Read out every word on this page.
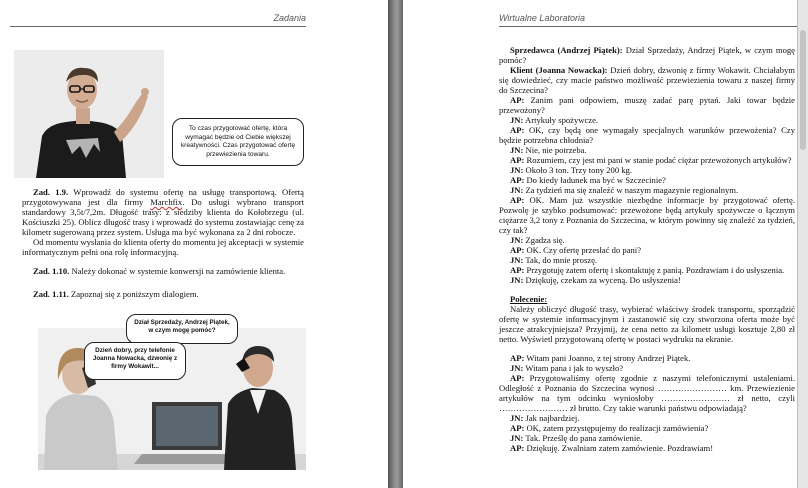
Zadania
To czas przygotować ofertę, która wymagać będzie od Ciebie większej kreatywności. Czas przygotować ofertę przewiezienia towaru.

Zad. 1.9. Wprowadź do systemu ofertę na usługę transportową. Ofertą przygotowywana jest dla firmy Marchfix. Do usługi wybrano transport standardowy 3,5t/7,2m. Długość trasy: z siedziby klienta do Kołobrzegu (ul. Kościuszki 25). Oblicz długość trasy i wprowadź do systemu zostawiając cenę za kilometr sugerowaną przez system. Usługa ma być wykonana za 2 dni robocze.

Od momentu wysłania do klienta oferty do momentu jej akceptacji w systemie informatycznym pełni ona rolę informacyjną.

Zad. 1.10. Należy dokonać w systemie konwersji na zamówienie klienta.

Zad. 1.11. Zapoznaj się z poniższym dialogiem.

Dział Sprzedaży, Andrzej Piątek, w czym mogę pomóc?
Dzień dobry, przy telefonie Joanna Nowacka, dzwonię z firmy Wokawit...
Wirtualne Laboratoria

Sprzedawca (Andrzej Piątek): Dział Sprzedaży, Andrzej Piątek, w czym mogę pomóc?

Klient (Joanna Nowacka): Dzień dobry, dzwonię z firmy Wokawit. Chciałabym się dowiedzieć, czy macie państwo możliwość przewiezienia towaru z naszej firmy do Szczecina?

AP: Zanim pani odpowiem, muszę zadać parę pytań. Jaki towar będzie przewożony?

JN: Artykuły spożywcze.

AP: OK, czy będą one wymagały specjalnych warunków przewożenia? Czy będzie potrzebna chłodnia?

JN: Nie, nie potrzeba.

AP: Rozumiem, czy jest mi pani w stanie podać ciężar przewożonych artykułów?

JN: Około 3 ton. Trzy tony 200 kg.

AP: Do kiedy ładunek ma być w Szczecinie?

JN: Za tydzień ma się znaleźć w naszym magazynie regionalnym.

AP: OK. Mam już wszystkie niezbędne informacje by przygotować ofertę. Pozwolę je szybko podsumować: przewożone będą artykuły spożywcze o łącznym ciężarze 3,2 tony z Poznania do Szczecina, w którym powinny się znaleźć za tydzień, czy tak?

JN: Zgadza się.

AP: OK. Czy ofertę przesłać do pani?

JN: Tak, do mnie proszę.

AP: Przygotuję zatem ofertę i skontaktuję z panią. Pozdrawiam i do usłyszenia.

JN: Dziękuję, czekam za wyceną. Do usłyszenia!

Polecenie:

Należy obliczyć długość trasy, wybierać właściwy środek transportu, sporządzić ofertę w systemie informacyjnym i zastanowić się czy stworzona oferta może być jeszcze atrakcyjniejsza? Przyjmij, że cena netto za kilometr usługi kosztuje 2,80 zł netto. Wyświetl przygotowaną ofertę w postaci wydruku na ekranie.

AP: Witam pani Joanno, z tej strony Andrzej Piątek.

JN: Witam pana i jak to wyszło?

AP: Przygotowaliśmy ofertę zgodnie z naszymi telefonicznymi ustaleniami. Odległość z Poznania do Szczecina wynosi …………………… km. Przewiezienie artykułów na tym odcinku wyniosłoby …………………… zł netto, czyli …………………… zł brutto. Czy takie warunki państwu odpowiadają?

JN: Jak najbardziej.

AP: OK, zatem przystępujemy do realizacji zamówienia?

JN: Tak. Prześlę do pana zamówienie.

AP: Dziękuję. Zwalniam zatem zamówienie. Pozdrawiam!
